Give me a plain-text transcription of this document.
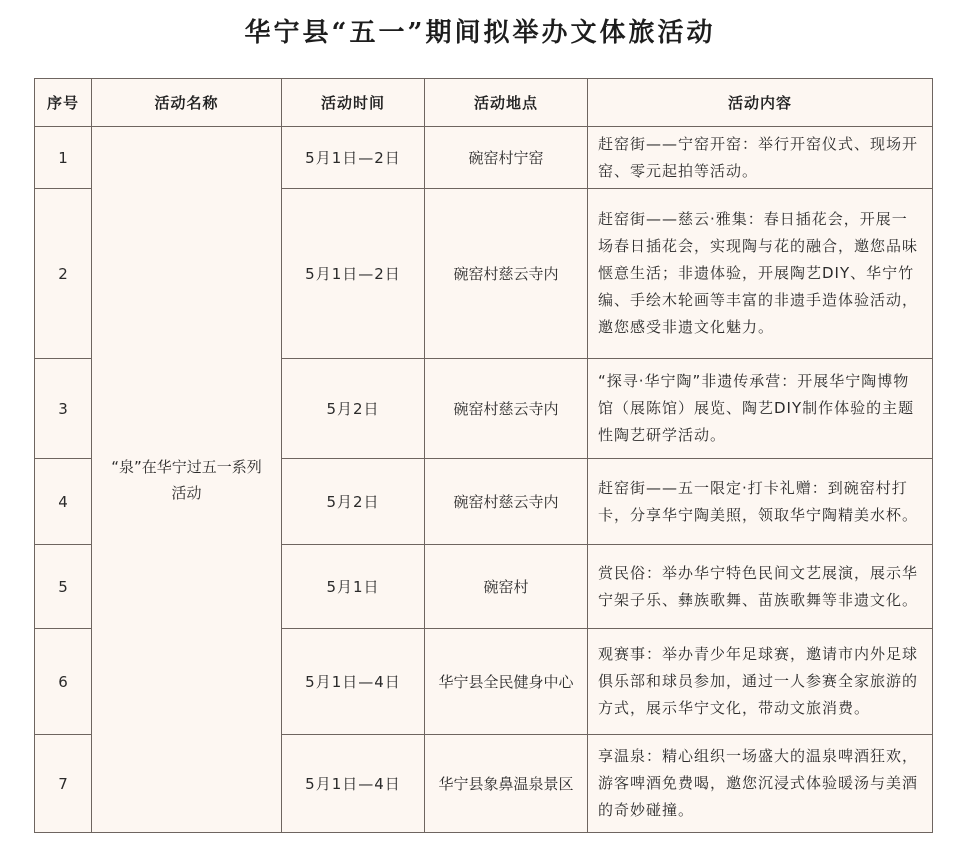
华宁县“五一”期间拟举办文体旅活动
序号	活动名称	活动时间	活动地点	活动内容
1	“泉”在华宁过五一系列活动	5月1日—2日	碗窑村宁窑	赶窑街——宁窑开窑：举行开窑仪式、现场开窑、零元起拍等活动。
2		5月1日—2日	碗窑村慈云寺内	赶窑街——慈云·雅集：春日插花会，开展一场春日插花会，实现陶与花的融合，邀您品味惬意生活；非遗体验，开展陶艺DIY、华宁竹编、手绘木轮画等丰富的非遗手造体验活动，邀您感受非遗文化魅力。
3		5月2日	碗窑村慈云寺内	“探寻·华宁陶”非遗传承营：开展华宁陶博物馆（展陈馆）展览、陶艺DIY制作体验的主题性陶艺研学活动。
4		5月2日	碗窑村慈云寺内	赶窑街——五一限定·打卡礼赠：到碗窑村打卡，分享华宁陶美照，领取华宁陶精美水杯。
5		5月1日	碗窑村	赏民俗：举办华宁特色民间文艺展演，展示华宁架子乐、彝族歌舞、苗族歌舞等非遗文化。
6		5月1日—4日	华宁县全民健身中心	观赛事：举办青少年足球赛，邀请市内外足球俱乐部和球员参加，通过一人参赛全家旅游的方式，展示华宁文化，带动文旅消费。
7		5月1日—4日	华宁县象鼻温泉景区	享温泉：精心组织一场盛大的温泉啤酒狂欢，游客啤酒免费喝，邀您沉浸式体验暖汤与美酒的奇妙碰撞。
